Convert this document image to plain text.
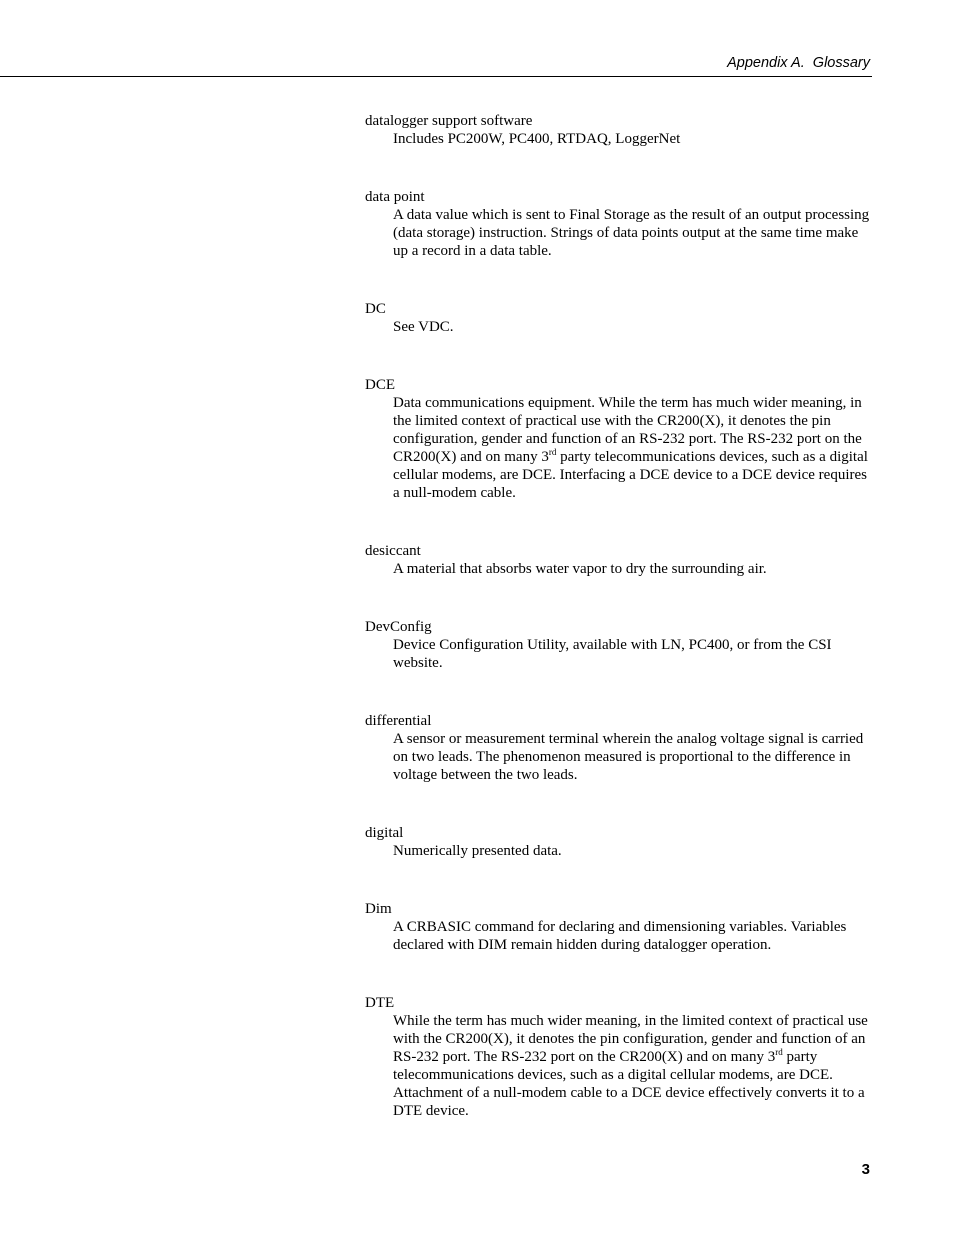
Appendix A.  Glossary
datalogger support software
Includes PC200W, PC400, RTDAQ, LoggerNet
data point
A data value which is sent to Final Storage as the result of an output processing (data storage) instruction. Strings of data points output at the same time make up a record in a data table.
DC
See VDC.
DCE
Data communications equipment. While the term has much wider meaning, in the limited context of practical use with the CR200(X), it denotes the pin configuration, gender and function of an RS-232 port. The RS-232 port on the CR200(X) and on many 3rd party telecommunications devices, such as a digital cellular modems, are DCE. Interfacing a DCE device to a DCE device requires a null-modem cable.
desiccant
A material that absorbs water vapor to dry the surrounding air.
DevConfig
Device Configuration Utility, available with LN, PC400, or from the CSI website.
differential
A sensor or measurement terminal wherein the analog voltage signal is carried on two leads. The phenomenon measured is proportional to the difference in voltage between the two leads.
digital
Numerically presented data.
Dim
A CRBASIC command for declaring and dimensioning variables. Variables declared with DIM remain hidden during datalogger operation.
DTE
While the term has much wider meaning, in the limited context of practical use with the CR200(X), it denotes the pin configuration, gender and function of an RS-232 port. The RS-232 port on the CR200(X) and on many 3rd party telecommunications devices, such as a digital cellular modems, are DCE. Attachment of a null-modem cable to a DCE device effectively converts it to a DTE device.
3
